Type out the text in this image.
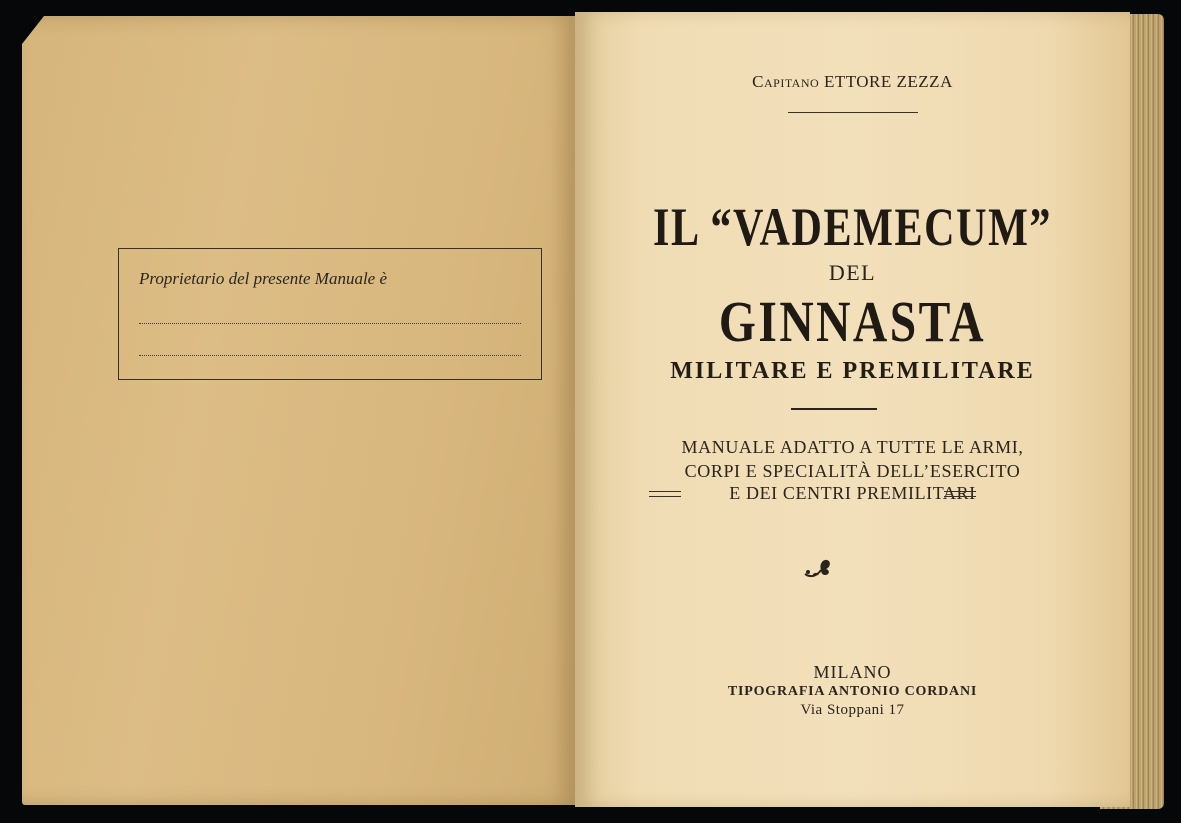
Proprietario del presente Manuale è
Capitano ETTORE ZEZZA
IL “VADEMECUM”
DEL
GINNASTA
MILITARE E PREMILITARE
MANUALE ADATTO A TUTTE LE ARMI,
CORPI E SPECIALITÀ DELL’ESERCITO
E DEI CENTRI PREMILITARI
MILANO
TIPOGRAFIA ANTONIO CORDANI
Via Stoppani 17
